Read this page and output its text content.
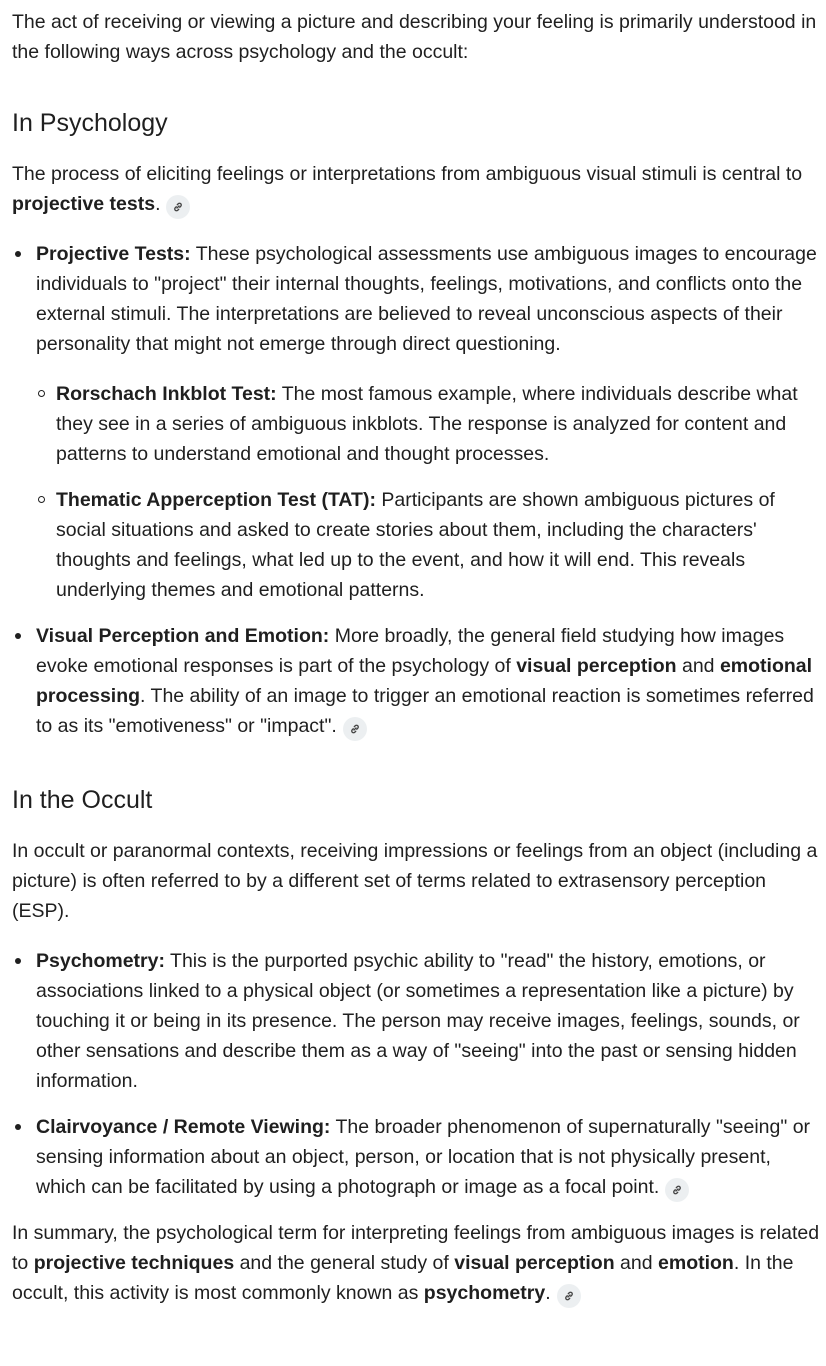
The act of receiving or viewing a picture and describing your feeling is primarily understood in the following ways across psychology and the occult:

In Psychology

The process of eliciting feelings or interpretations from ambiguous visual stimuli is central to projective tests.

Projective Tests: These psychological assessments use ambiguous images to encourage individuals to "project" their internal thoughts, feelings, motivations, and conflicts onto the external stimuli. The interpretations are believed to reveal unconscious aspects of their personality that might not emerge through direct questioning.
Rorschach Inkblot Test: The most famous example, where individuals describe what they see in a series of ambiguous inkblots. The response is analyzed for content and patterns to understand emotional and thought processes.
Thematic Apperception Test (TAT): Participants are shown ambiguous pictures of social situations and asked to create stories about them, including the characters' thoughts and feelings, what led up to the event, and how it will end. This reveals underlying themes and emotional patterns.
Visual Perception and Emotion: More broadly, the general field studying how images evoke emotional responses is part of the psychology of visual perception and emotional processing. The ability of an image to trigger an emotional reaction is sometimes referred to as its "emotiveness" or "impact".
In the Occult

In occult or paranormal contexts, receiving impressions or feelings from an object (including a picture) is often referred to by a different set of terms related to extrasensory perception (ESP).

Psychometry: This is the purported psychic ability to "read" the history, emotions, or associations linked to a physical object (or sometimes a representation like a picture) by touching it or being in its presence. The person may receive images, feelings, sounds, or other sensations and describe them as a way of "seeing" into the past or sensing hidden information.
Clairvoyance / Remote Viewing: The broader phenomenon of supernaturally "seeing" or sensing information about an object, person, or location that is not physically present, which can be facilitated by using a photograph or image as a focal point.

In summary, the psychological term for interpreting feelings from ambiguous images is related to projective techniques and the general study of visual perception and emotion. In the occult, this activity is most commonly known as psychometry.
